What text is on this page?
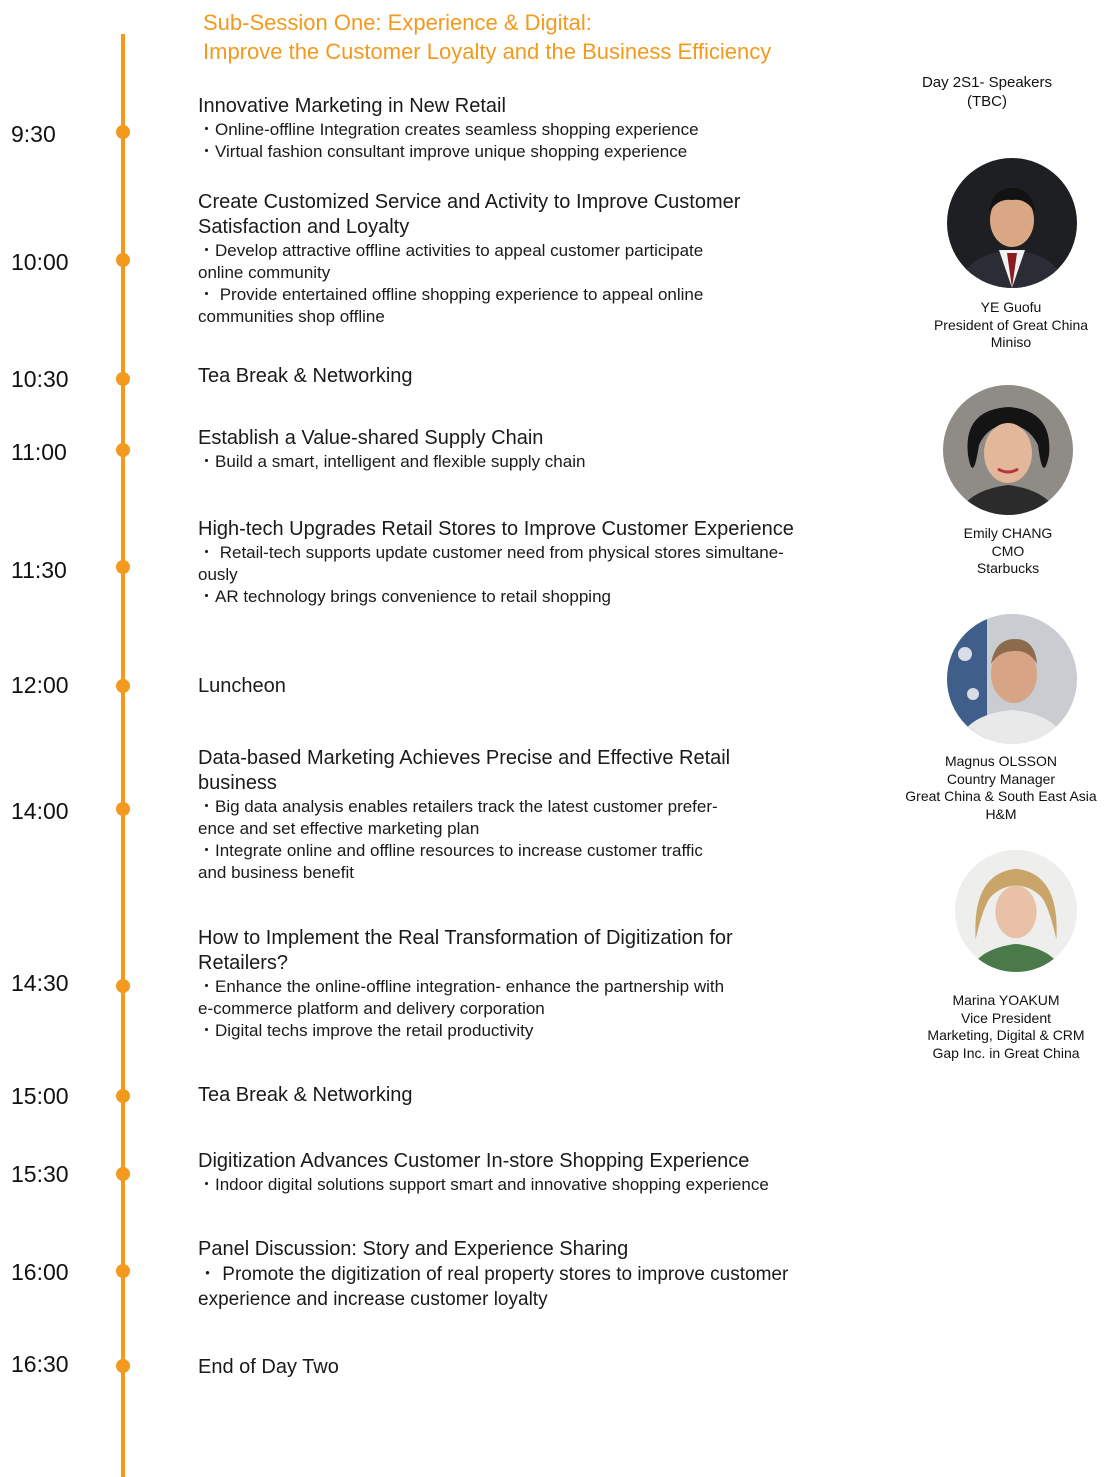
Sub-Session One: Experience & Digital:
Improve the Customer Loyalty and the Business Efficiency
9:30
Innovative Marketing in New Retail
・Online-offline Integration creates seamless shopping experience
・Virtual fashion consultant improve unique shopping experience
10:00
Create Customized Service and Activity to Improve Customer
Satisfaction and Loyalty
・Develop attractive offline activities to appeal customer participate
online community
・ Provide entertained offline shopping experience to appeal online
communities shop offline
10:30	Tea Break & Networking
11:00
Establish a Value-shared Supply Chain
・Build a smart, intelligent and flexible supply chain
11:30
High-tech Upgrades Retail Stores to Improve Customer Experience
・ Retail-tech supports update customer need from physical stores simultane-
ously
・AR technology brings convenience to retail shopping
12:00	Luncheon
14:00
Data-based Marketing Achieves Precise and Effective Retail
business
・Big data analysis enables retailers track the latest customer prefer-
ence and set effective marketing plan
・Integrate online and offline resources to increase customer traffic
and business benefit
14:30
How to Implement the Real Transformation of Digitization for
Retailers?
・Enhance the online-offline integration- enhance the partnership with
e-commerce platform and delivery corporation
・Digital techs improve the retail productivity
15:00	Tea Break & Networking
15:30	Digitization Advances Customer In-store Shopping Experience
・Indoor digital solutions support smart and innovative shopping experience
16:00
Panel Discussion: Story and Experience Sharing
・ Promote the digitization of real property stores to improve customer
experience and increase customer loyalty
16:30	End of Day Two
Day 2S1- Speakers
(TBC)
YE Guofu
President of Great China
Miniso
Emily CHANG
CMO
Starbucks
Magnus OLSSON
Country Manager
Great China & South East Asia
H&M
Marina YOAKUM
Vice President
Marketing, Digital & CRM
Gap Inc. in Great China
